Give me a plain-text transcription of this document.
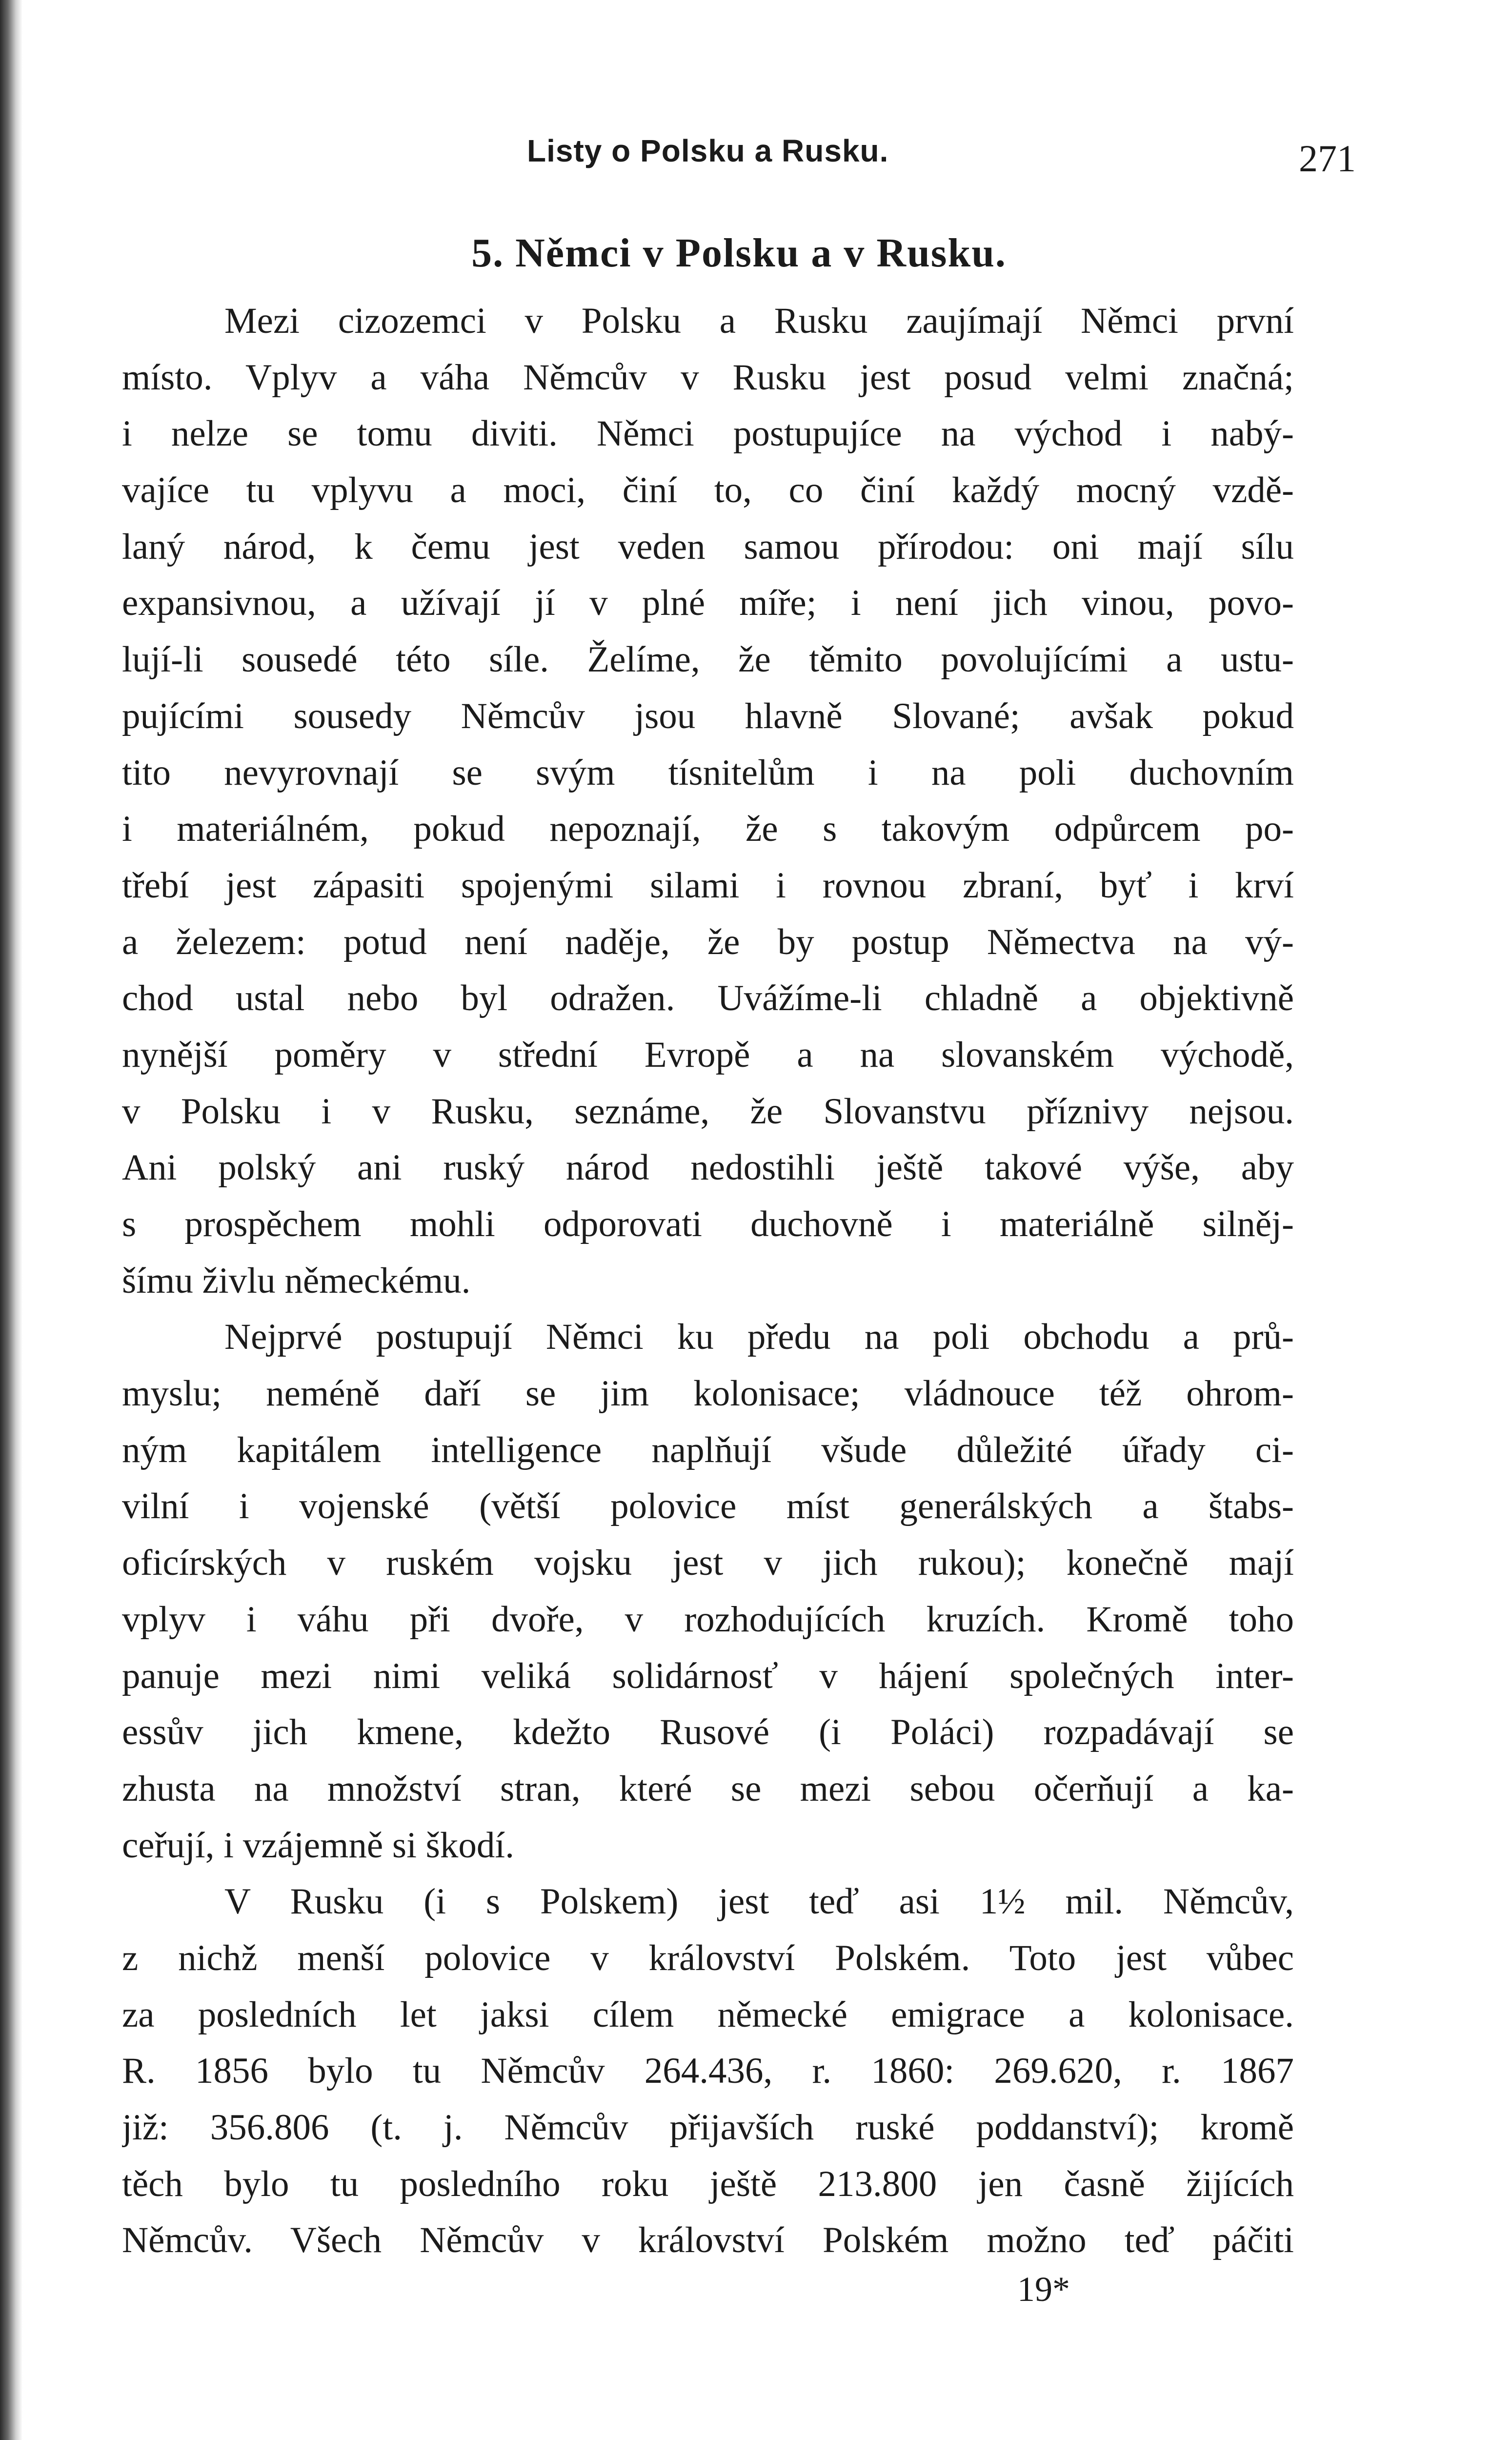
Listy o Polsku a Rusku.	271
5. Němci v Polsku a v Rusku.
Mezi cizozemci v Polsku a Rusku zaujímají Němci první
místo. Vplyv a váha Němcův v Rusku jest posud velmi značná;
i nelze se tomu diviti. Němci postupujíce na východ i nabý-
vajíce tu vplyvu a moci, činí to, co činí každý mocný vzdě-
laný národ, k čemu jest veden samou přírodou: oni mají sílu
expansivnou, a užívají jí v plné míře; i není jich vinou, povo-
lují-li sousedé této síle. Želíme, že těmito povolujícími a ustu-
pujícími sousedy Němcův jsou hlavně Slované; avšak pokud
tito nevyrovnají se svým tísnitelům i na poli duchovním
i materiálném, pokud nepoznají, že s takovým odpůrcem po-
třebí jest zápasiti spojenými silami i rovnou zbraní, byť i krví
a železem: potud není naděje, že by postup Němectva na vý-
chod ustal nebo byl odražen. Uvážíme-li chladně a objektivně
nynější poměry v střední Evropě a na slovanském východě,
v Polsku i v Rusku, seznáme, že Slovanstvu příznivy nejsou.
Ani polský ani ruský národ nedostihli ještě takové výše, aby
s prospěchem mohli odporovati duchovně i materiálně silněj-
šímu živlu německému.
Nejprvé postupují Němci ku předu na poli obchodu a prů-
myslu; neméně daří se jim kolonisace; vládnouce též ohrom-
ným kapitálem intelligence naplňují všude důležité úřady ci-
vilní i vojenské (větší polovice míst generálských a štabs-
oficírských v ruském vojsku jest v jich rukou); konečně mají
vplyv i váhu při dvoře, v rozhodujících kruzích. Kromě toho
panuje mezi nimi veliká solidárnosť v hájení společných inter-
essův jich kmene, kdežto Rusové (i Poláci) rozpadávají se
zhusta na množství stran, které se mezi sebou očerňují a ka-
ceřují, i vzájemně si škodí.
V Rusku (i s Polskem) jest teď asi 1½ mil. Němcův,
z nichž menší polovice v království Polském. Toto jest vůbec
za posledních let jaksi cílem německé emigrace a kolonisace.
R. 1856 bylo tu Němcův 264.436, r. 1860: 269.620, r. 1867
již: 356.806 (t. j. Němcův přijavších ruské poddanství); kromě
těch bylo tu posledního roku ještě 213.800 jen časně žijících
Němcův. Všech Němcův v království Polském možno teď páčiti
19*
